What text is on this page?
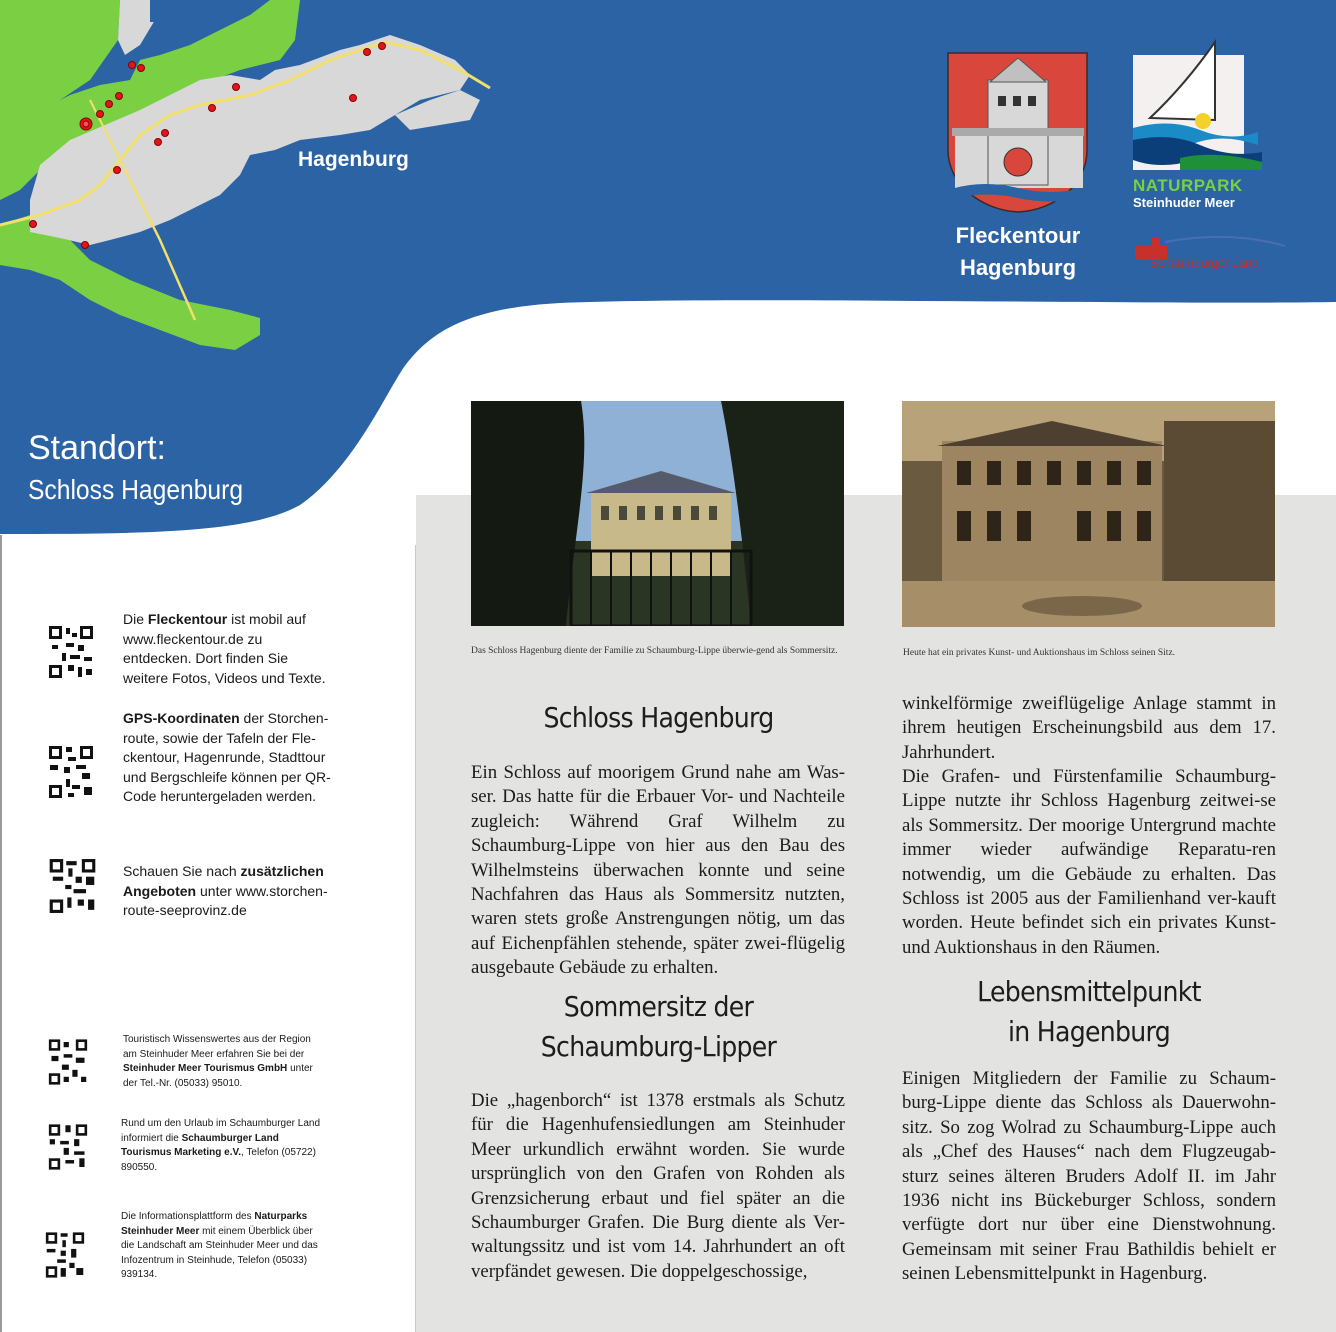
Hagenburg
Fleckentour
Hagenburg
NATURPARK
Steinhuder Meer
Schaumburger Land
Standort:
Schloss Hagenburg
Die Fleckentour ist mobil auf www.fleckentour.de zu entdecken. Dort finden Sie weitere Fotos, Videos und Texte.
GPS-Koordinaten der Storchen-route, sowie der Tafeln der Fle-ckentour, Hagenrunde, Stadttour und Bergschleife können per QR-Code heruntergeladen werden.
Schauen Sie nach zusätzlichen Angeboten unter www.storchen-route-seeprovinz.de
Touristisch Wissenswertes aus der Region am Steinhuder Meer erfahren Sie bei der Steinhuder Meer Tourismus GmbH unter der Tel.-Nr. (05033) 95010.
Rund um den Urlaub im Schaumburger Land informiert die Schaumburger Land Tourismus Marketing e.V., Telefon (05722) 890550.
Die Informationsplattform des Naturparks Steinhuder Meer mit einem Überblick über die Landschaft am Steinhuder Meer und das Infozentrum in Steinhude, Telefon (05033) 939134.
Das Schloss Hagenburg diente der Familie zu Schaumburg-Lippe überwie-gend als Sommersitz.	Heute hat ein privates Kunst- und Auktionshaus im Schloss seinen Sitz.
Schloss Hagenburg
Ein Schloss auf moorigem Grund nahe am Was-ser. Das hatte für die Erbauer Vor- und Nachteile zugleich: Während Graf Wilhelm zu Schaumburg-Lippe von hier aus den Bau des Wilhelmsteins überwachen konnte und seine Nachfahren das Haus als Sommersitz nutzten, waren stets große Anstrengungen nötig, um das auf Eichenpfählen stehende, später zwei-flügelig ausgebaute Gebäude zu erhalten.
Sommersitz der
Schaumburg-Lipper
Die „hagenborch“ ist 1378 erstmals als Schutz für die Hagenhufensiedlungen am Steinhuder Meer urkundlich erwähnt worden. Sie wurde ursprünglich von den Grafen von Rohden als Grenzsicherung erbaut und fiel später an die Schaumburger Grafen. Die Burg diente als Ver-waltungssitz und ist vom 14. Jahrhundert an oft verpfändet gewesen. Die doppelgeschossige,
winkelförmige zweiflügelige Anlage stammt in ihrem heutigen Erscheinungsbild aus dem 17. Jahrhundert.
Die Grafen- und Fürstenfamilie Schaumburg-Lippe nutzte ihr Schloss Hagenburg zeitwei-se als Sommersitz. Der moorige Untergrund machte immer wieder aufwändige Reparatu-ren notwendig, um die Gebäude zu erhalten. Das Schloss ist 2005 aus der Familienhand ver-kauft worden. Heute befindet sich ein privates Kunst- und Auktionshaus in den Räumen.
Lebensmittelpunkt
in Hagenburg
Einigen Mitgliedern der Familie zu Schaum-burg-Lippe diente das Schloss als Dauerwohn-sitz. So zog Wolrad zu Schaumburg-Lippe auch als „Chef des Hauses“ nach dem Flugzeugab-sturz seines älteren Bruders Adolf II. im Jahr 1936 nicht ins Bückeburger Schloss, sondern verfügte dort nur über eine Dienstwohnung. Gemeinsam mit seiner Frau Bathildis behielt er seinen Lebensmittelpunkt in Hagenburg.
